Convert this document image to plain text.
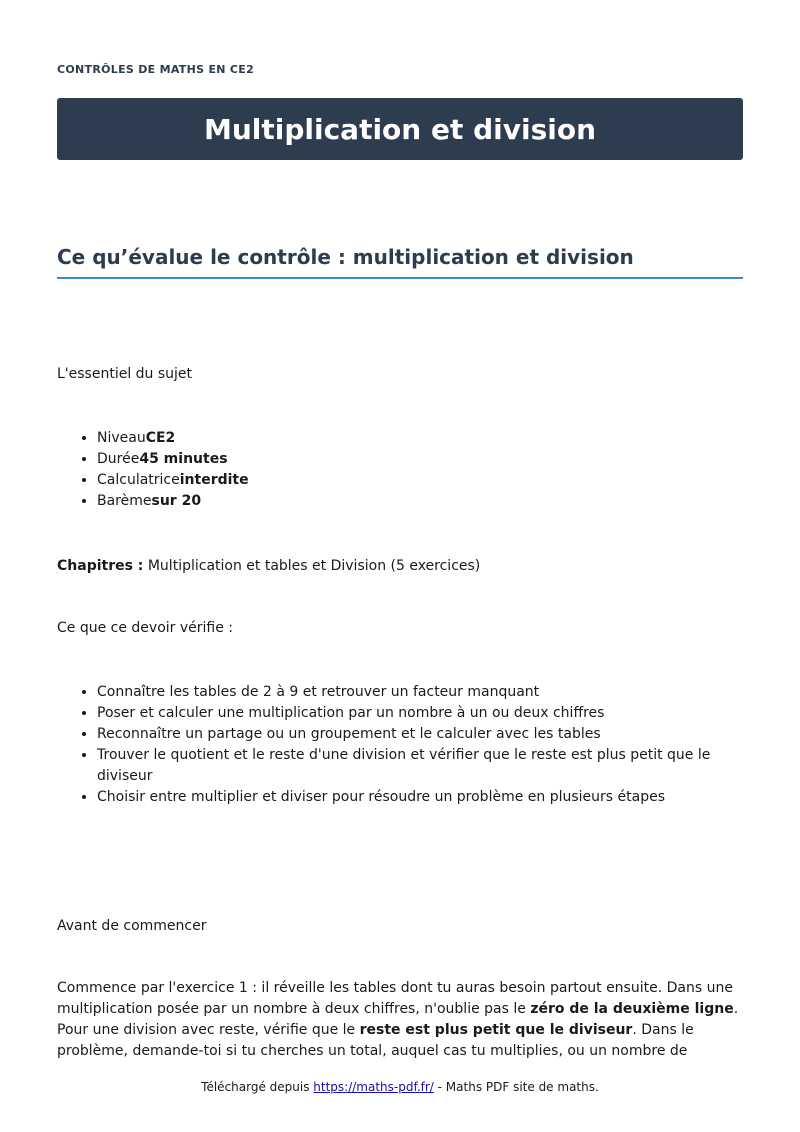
CONTRÔLES DE MATHS EN CE2
Multiplication et division
Ce qu’évalue le contrôle : multiplication et division
L'essentiel du sujet
• NiveauCE2
• Durée45 minutes
• Calculatriceinterdite
• Barèmesur 20
Chapitres : Multiplication et tables et Division (5 exercices)
Ce que ce devoir vérifie :
• Connaître les tables de 2 à 9 et retrouver un facteur manquant
• Poser et calculer une multiplication par un nombre à un ou deux chiffres
• Reconnaître un partage ou un groupement et le calculer avec les tables
• Trouver le quotient et le reste d'une division et vérifier que le reste est plus petit que le diviseur
• Choisir entre multiplier et diviser pour résoudre un problème en plusieurs étapes
Avant de commencer
Commence par l'exercice 1 : il réveille les tables dont tu auras besoin partout ensuite. Dans une multiplication posée par un nombre à deux chiffres, n'oublie pas le zéro de la deuxième ligne. Pour une division avec reste, vérifie que le reste est plus petit que le diviseur. Dans le problème, demande-toi si tu cherches un total, auquel cas tu multiplies, ou un nombre de
Téléchargé depuis https://maths-pdf.fr/ - Maths PDF site de maths.
